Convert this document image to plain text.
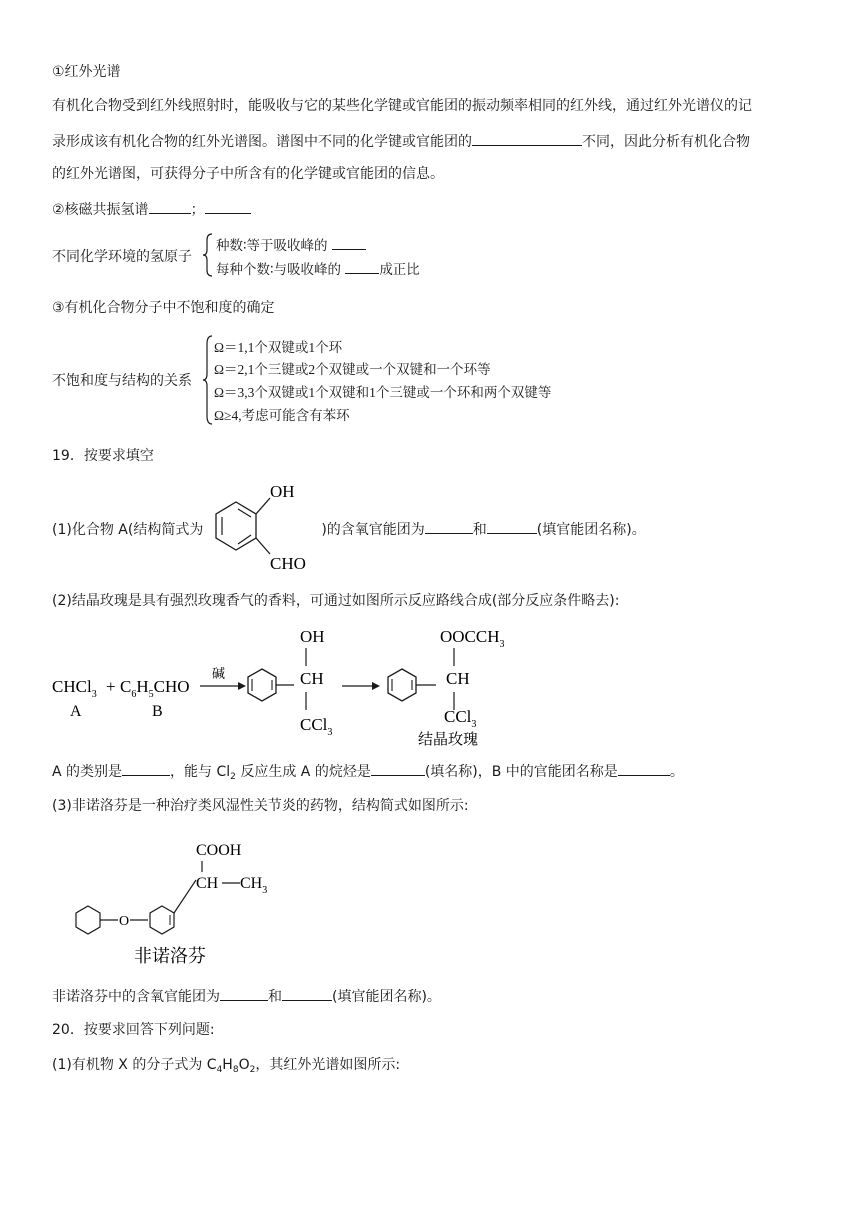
①红外光谱
有机化合物受到红外线照射时，能吸收与它的某些化学键或官能团的振动频率相同的红外线，通过红外光谱仪的记
录形成该有机化合物的红外光谱图。谱图中不同的化学键或官能团的	不同，因此分析有机化合物
的红外光谱图，可获得分子中所含有的化学键或官能团的信息。
②核磁共振氢谱	；
不同化学环境的氢原子
种数∶等于吸收峰的
每种个数∶与吸收峰的	成正比
③有机化合物分子中不饱和度的确定
不饱和度与结构的关系
Ω＝1,1个双键或1个环
Ω＝2,1个三键或2个双键或一个双键和一个环等
Ω＝3,3个双键或1个双键和1个三键或一个环和两个双键等
Ω≥4,考虑可能含有苯环
19．按要求填空
(1)化合物 A(结构简式为	)的含氧官能团为	和	(填官能团名称)。
OH
CHO
(2)结晶玫瑰是具有强烈玫瑰香气的香料，可通过如图所示反应路线合成(部分反应条件略去):
CHCl$_3$ + $C_6H_5CHO$
A	B
碱
OH
CH
CCl$_3$
$OOCCH_3$
CH
CCl$_3$
结晶玫瑰
A 的类别是	，能与 $Cl_2$ 反应生成 A 的烷烃是	(填名称)，B 中的官能团名称是	。
(3)非诺洛芬是一种治疗类风湿性关节炎的药物，结构简式如图所示:
O
COOH
CH $CH_3$
非诺洛芬
非诺洛芬中的含氧官能团为	和	(填官能团名称)。
20．按要求回答下列问题:
(1)有机物 X 的分子式为 $C_4H_8O_2$，其红外光谱如图所示:
